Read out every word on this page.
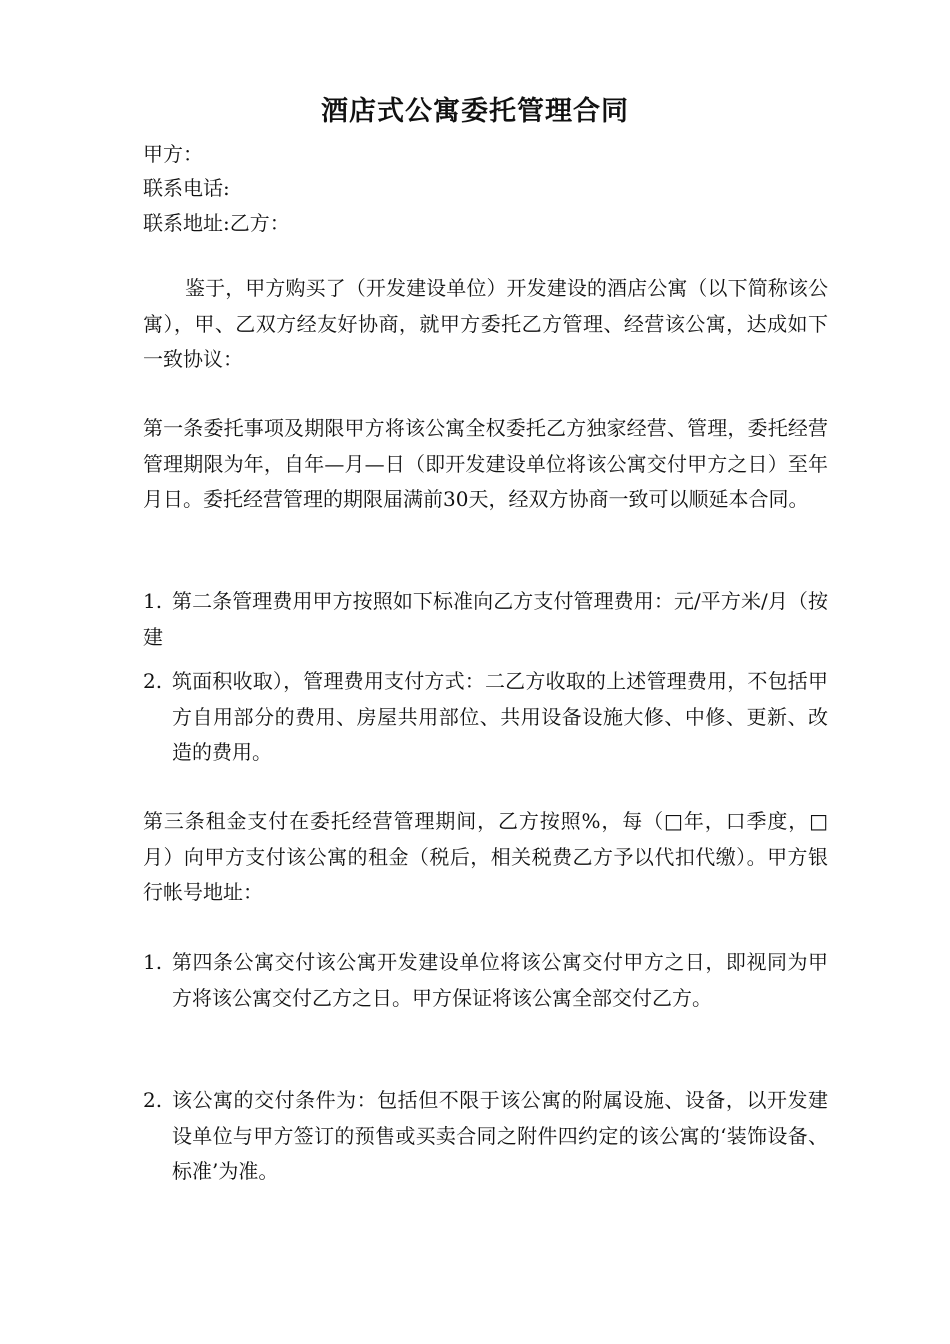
酒店式公寓委托管理合同
甲方：
联系电话:
联系地址:乙方：
鉴于，甲方购买了（开发建设单位）开发建设的酒店公寓（以下简称该公寓），甲、乙双方经友好协商，就甲方委托乙方管理、经营该公寓，达成如下一致协议：
第一条委托事项及期限甲方将该公寓全权委托乙方独家经营、管理，委托经营管理期限为年，自年—月—日（即开发建设单位将该公寓交付甲方之日）至年月日。委托经营管理的期限届满前30天，经双方协商一致可以顺延本合同。
1. 第二条管理费用甲方按照如下标准向乙方支付管理费用：元/平方米/月（按建
2. 筑面积收取），管理费用支付方式：二乙方收取的上述管理费用，不包括甲方自用部分的费用、房屋共用部位、共用设备设施大修、中修、更新、改造的费用。
第三条租金支付在委托经营管理期间，乙方按照%，每（□年，口季度，□月）向甲方支付该公寓的租金（税后，相关税费乙方予以代扣代缴）。甲方银行帐号地址：
1. 第四条公寓交付该公寓开发建设单位将该公寓交付甲方之日，即视同为甲方将该公寓交付乙方之日。甲方保证将该公寓全部交付乙方。
2. 该公寓的交付条件为：包括但不限于该公寓的附属设施、设备，以开发建设单位与甲方签订的预售或买卖合同之附件四约定的该公寓的‘装饰设备、标准’为准。
